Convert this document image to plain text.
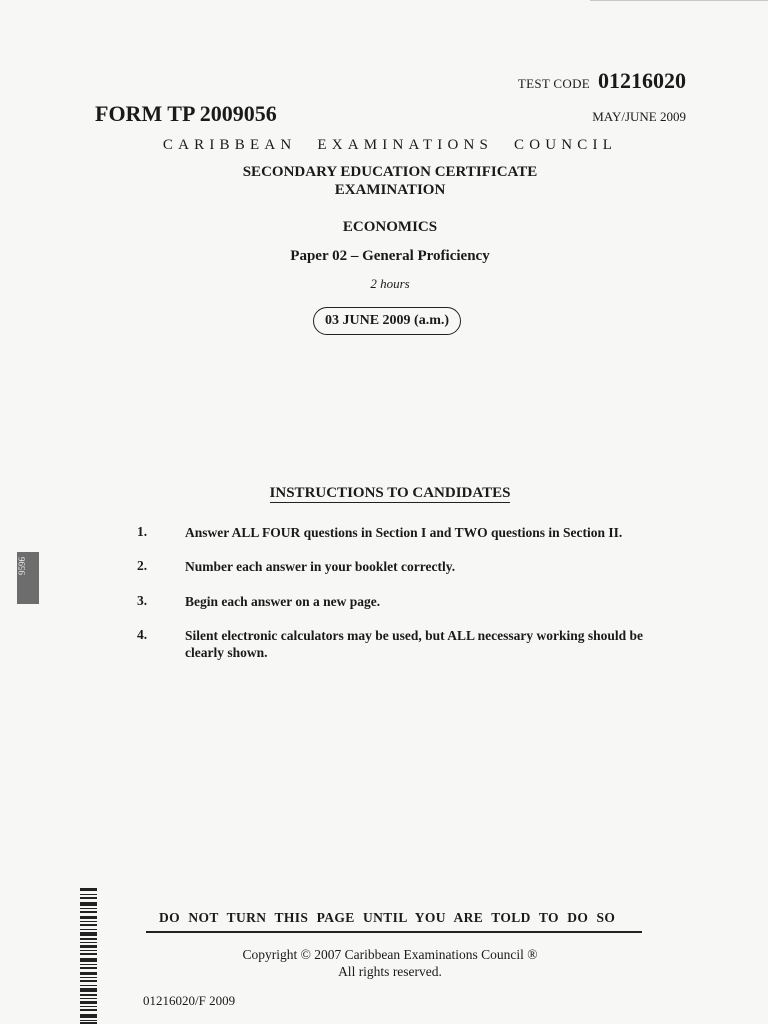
TEST CODE 01216020
FORM TP 2009056	MAY/JUNE 2009
CARIBBEAN EXAMINATIONS COUNCIL
SECONDARY EDUCATION CERTIFICATE
EXAMINATION
ECONOMICS
Paper 02 – General Proficiency
2 hours
03 JUNE 2009 (a.m.)
INSTRUCTIONS TO CANDIDATES
1.	Answer ALL FOUR questions in Section I and TWO questions in Section II.
2.	Number each answer in your booklet correctly.
3.	Begin each answer on a new page.
4.	Silent electronic calculators may be used, but ALL necessary working should be clearly shown.
9596
DO NOT TURN THIS PAGE UNTIL YOU ARE TOLD TO DO SO
Copyright © 2007 Caribbean Examinations Council ®
All rights reserved.
01216020/F 2009
